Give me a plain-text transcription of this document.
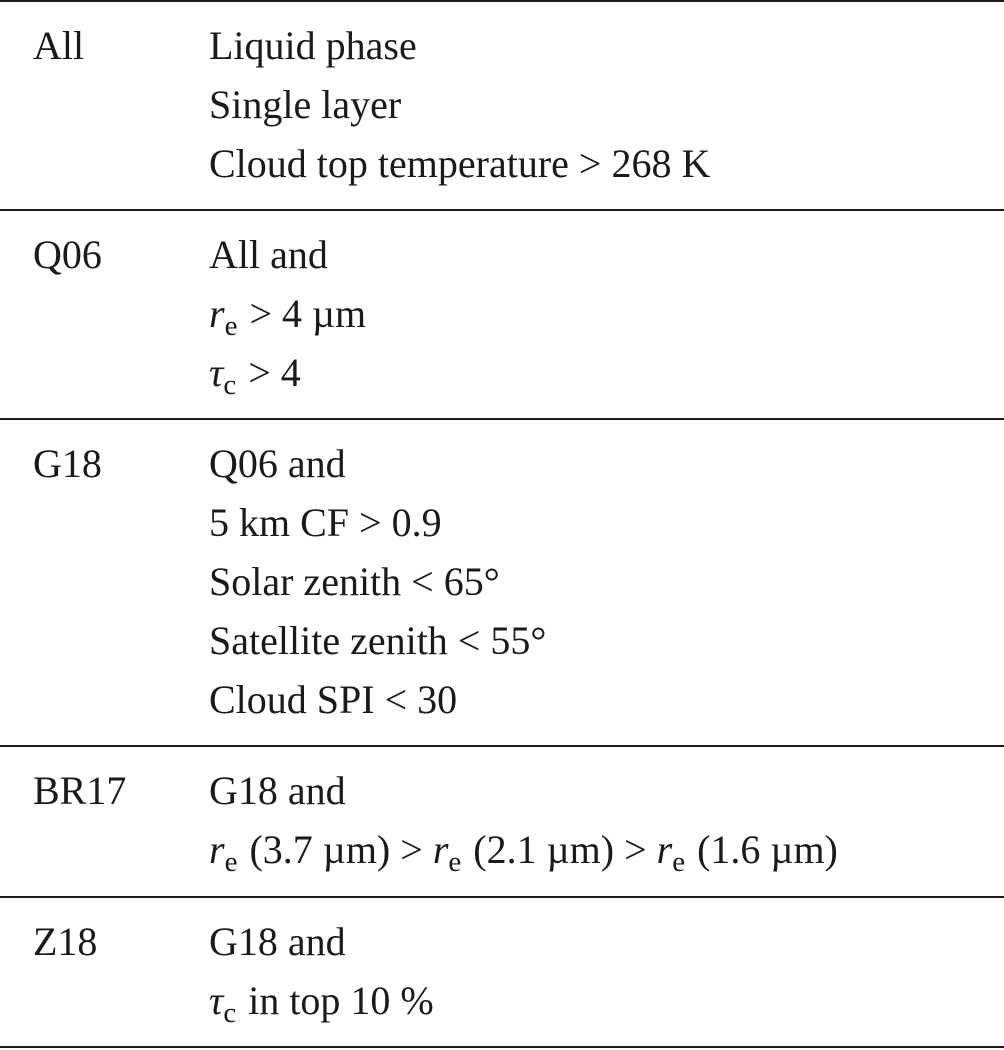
All	Liquid phase
Single layer
Cloud top temperature > 268 K
Q06	All and
$r_e > 4$ µm
$\tau_c > 4$
G18	Q06 and
5 km CF > 0.9
Solar zenith < 65°
Satellite zenith < 55°
Cloud SPI < 30
BR17 G18 and
$r_e$ (3.7 $\mu m) > r_e$ (2.1 $\mu m) > r_e$ (1.6 µm)
Z18	G18 and
$\tau_c$ in top 10 %
